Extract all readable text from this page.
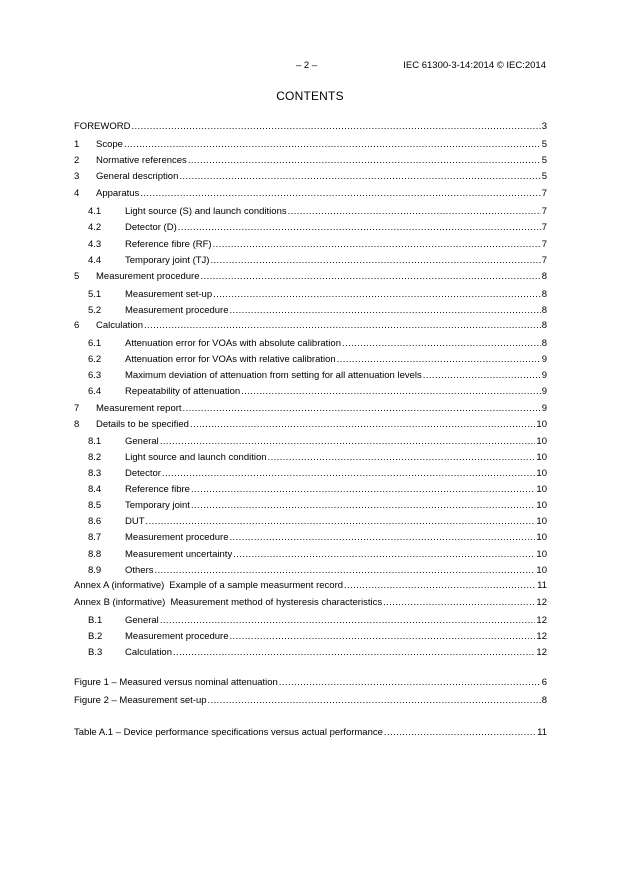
– 2 –	IEC 61300-3-14:2014 © IEC:2014
CONTENTS
FOREWORD .....	3
1	Scope .....	5
2	Normative references .....	5
3	General description .....	5
4	Apparatus .....	7
4.1	Light source (S) and launch conditions .....	7
4.2	Detector (D) .....	7
4.3	Reference fibre (RF) .....	7
4.4	Temporary joint (TJ) .....	7
5	Measurement procedure .....	8
5.1	Measurement set-up .....	8
5.2	Measurement procedure .....	8
6	Calculation .....	8
6.1	Attenuation error for VOAs with absolute calibration .....	8
6.2	Attenuation error for VOAs with relative calibration .....	9
6.3	Maximum deviation of attenuation from setting for all attenuation levels .....	9
6.4	Repeatability of attenuation .....	9
7	Measurement report .....	9
8	Details to be specified .....	10
8.1	General .....	10
8.2	Light source and launch condition .....	10
8.3	Detector .....	10
8.4	Reference fibre .....	10
8.5	Temporary joint .....	10
8.6	DUT .....	10
8.7	Measurement procedure .....	10
8.8	Measurement uncertainty .....	10
8.9	Others .....	10
Annex A (informative) Example of a sample measurment record .....	11
Annex B (informative) Measurement method of hysteresis characteristics .....	12
B.1	General .....	12
B.2	Measurement procedure .....	12
B.3	Calculation .....	12
Figure 1 – Measured versus nominal attenuation .....	6
Figure 2 – Measurement set-up .....	8
Table A.1 – Device performance specifications versus actual performance .....	11
